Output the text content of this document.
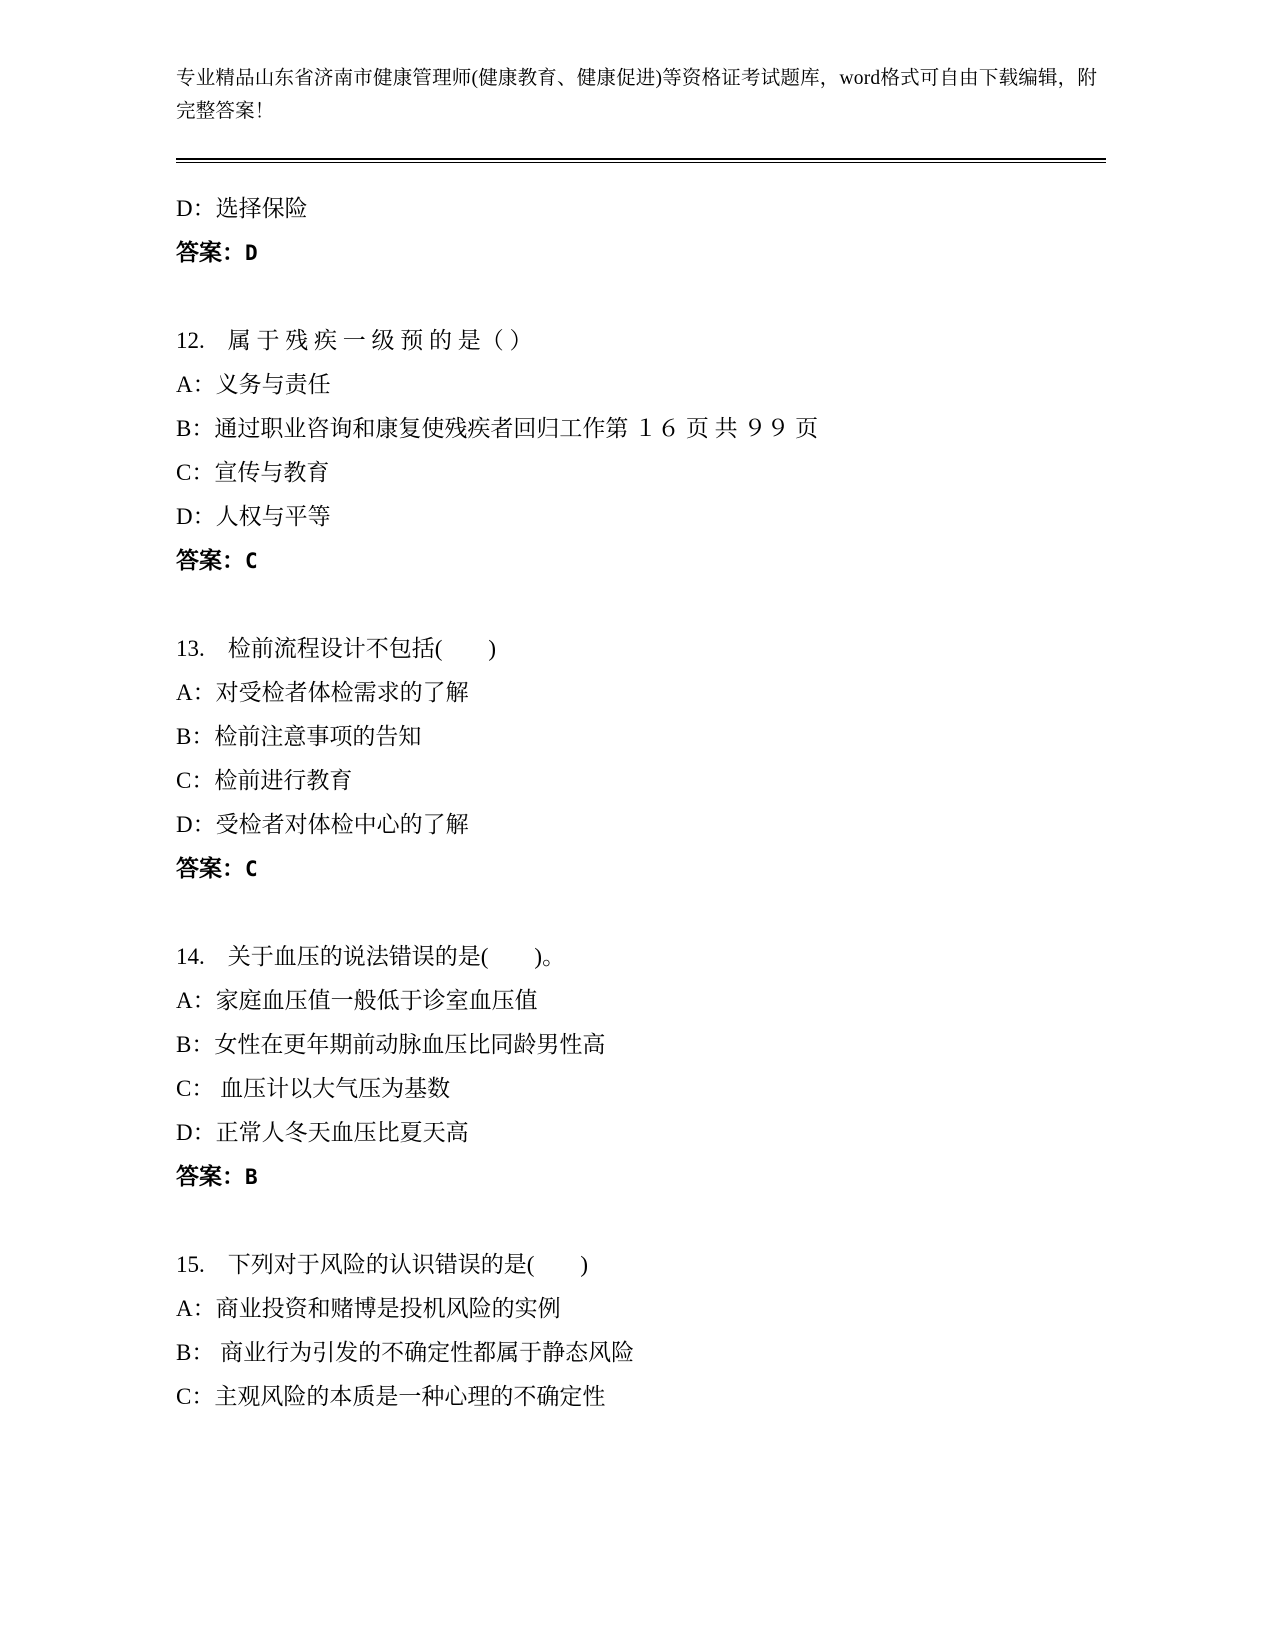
专业精品山东省济南市健康管理师(健康教育、健康促进)等资格证考试题库，word格式可自由下载编辑，附完整答案！
D：选择保险
答案：D
12.　 属 于 残 疾 一 级 预 的 是（ ）
A：义务与责任
B：通过职业咨询和康复使残疾者回归工作第 １６ 页 共 ９９ 页
C：宣传与教育
D：人权与平等
答案：C
13.　 检前流程设计不包括(　　)
A：对受检者体检需求的了解
B：检前注意事项的告知
C：检前进行教育
D：受检者对体检中心的了解
答案：C
14.　 关于血压的说法错误的是(　　)。
A：家庭血压值一般低于诊室血压值
B：女性在更年期前动脉血压比同龄男性高
C： 血压计以大气压为基数
D：正常人冬天血压比夏天高
答案：B
15.　 下列对于风险的认识错误的是(　　)
A：商业投资和赌博是投机风险的实例
B： 商业行为引发的不确定性都属于静态风险
C：主观风险的本质是一种心理的不确定性
